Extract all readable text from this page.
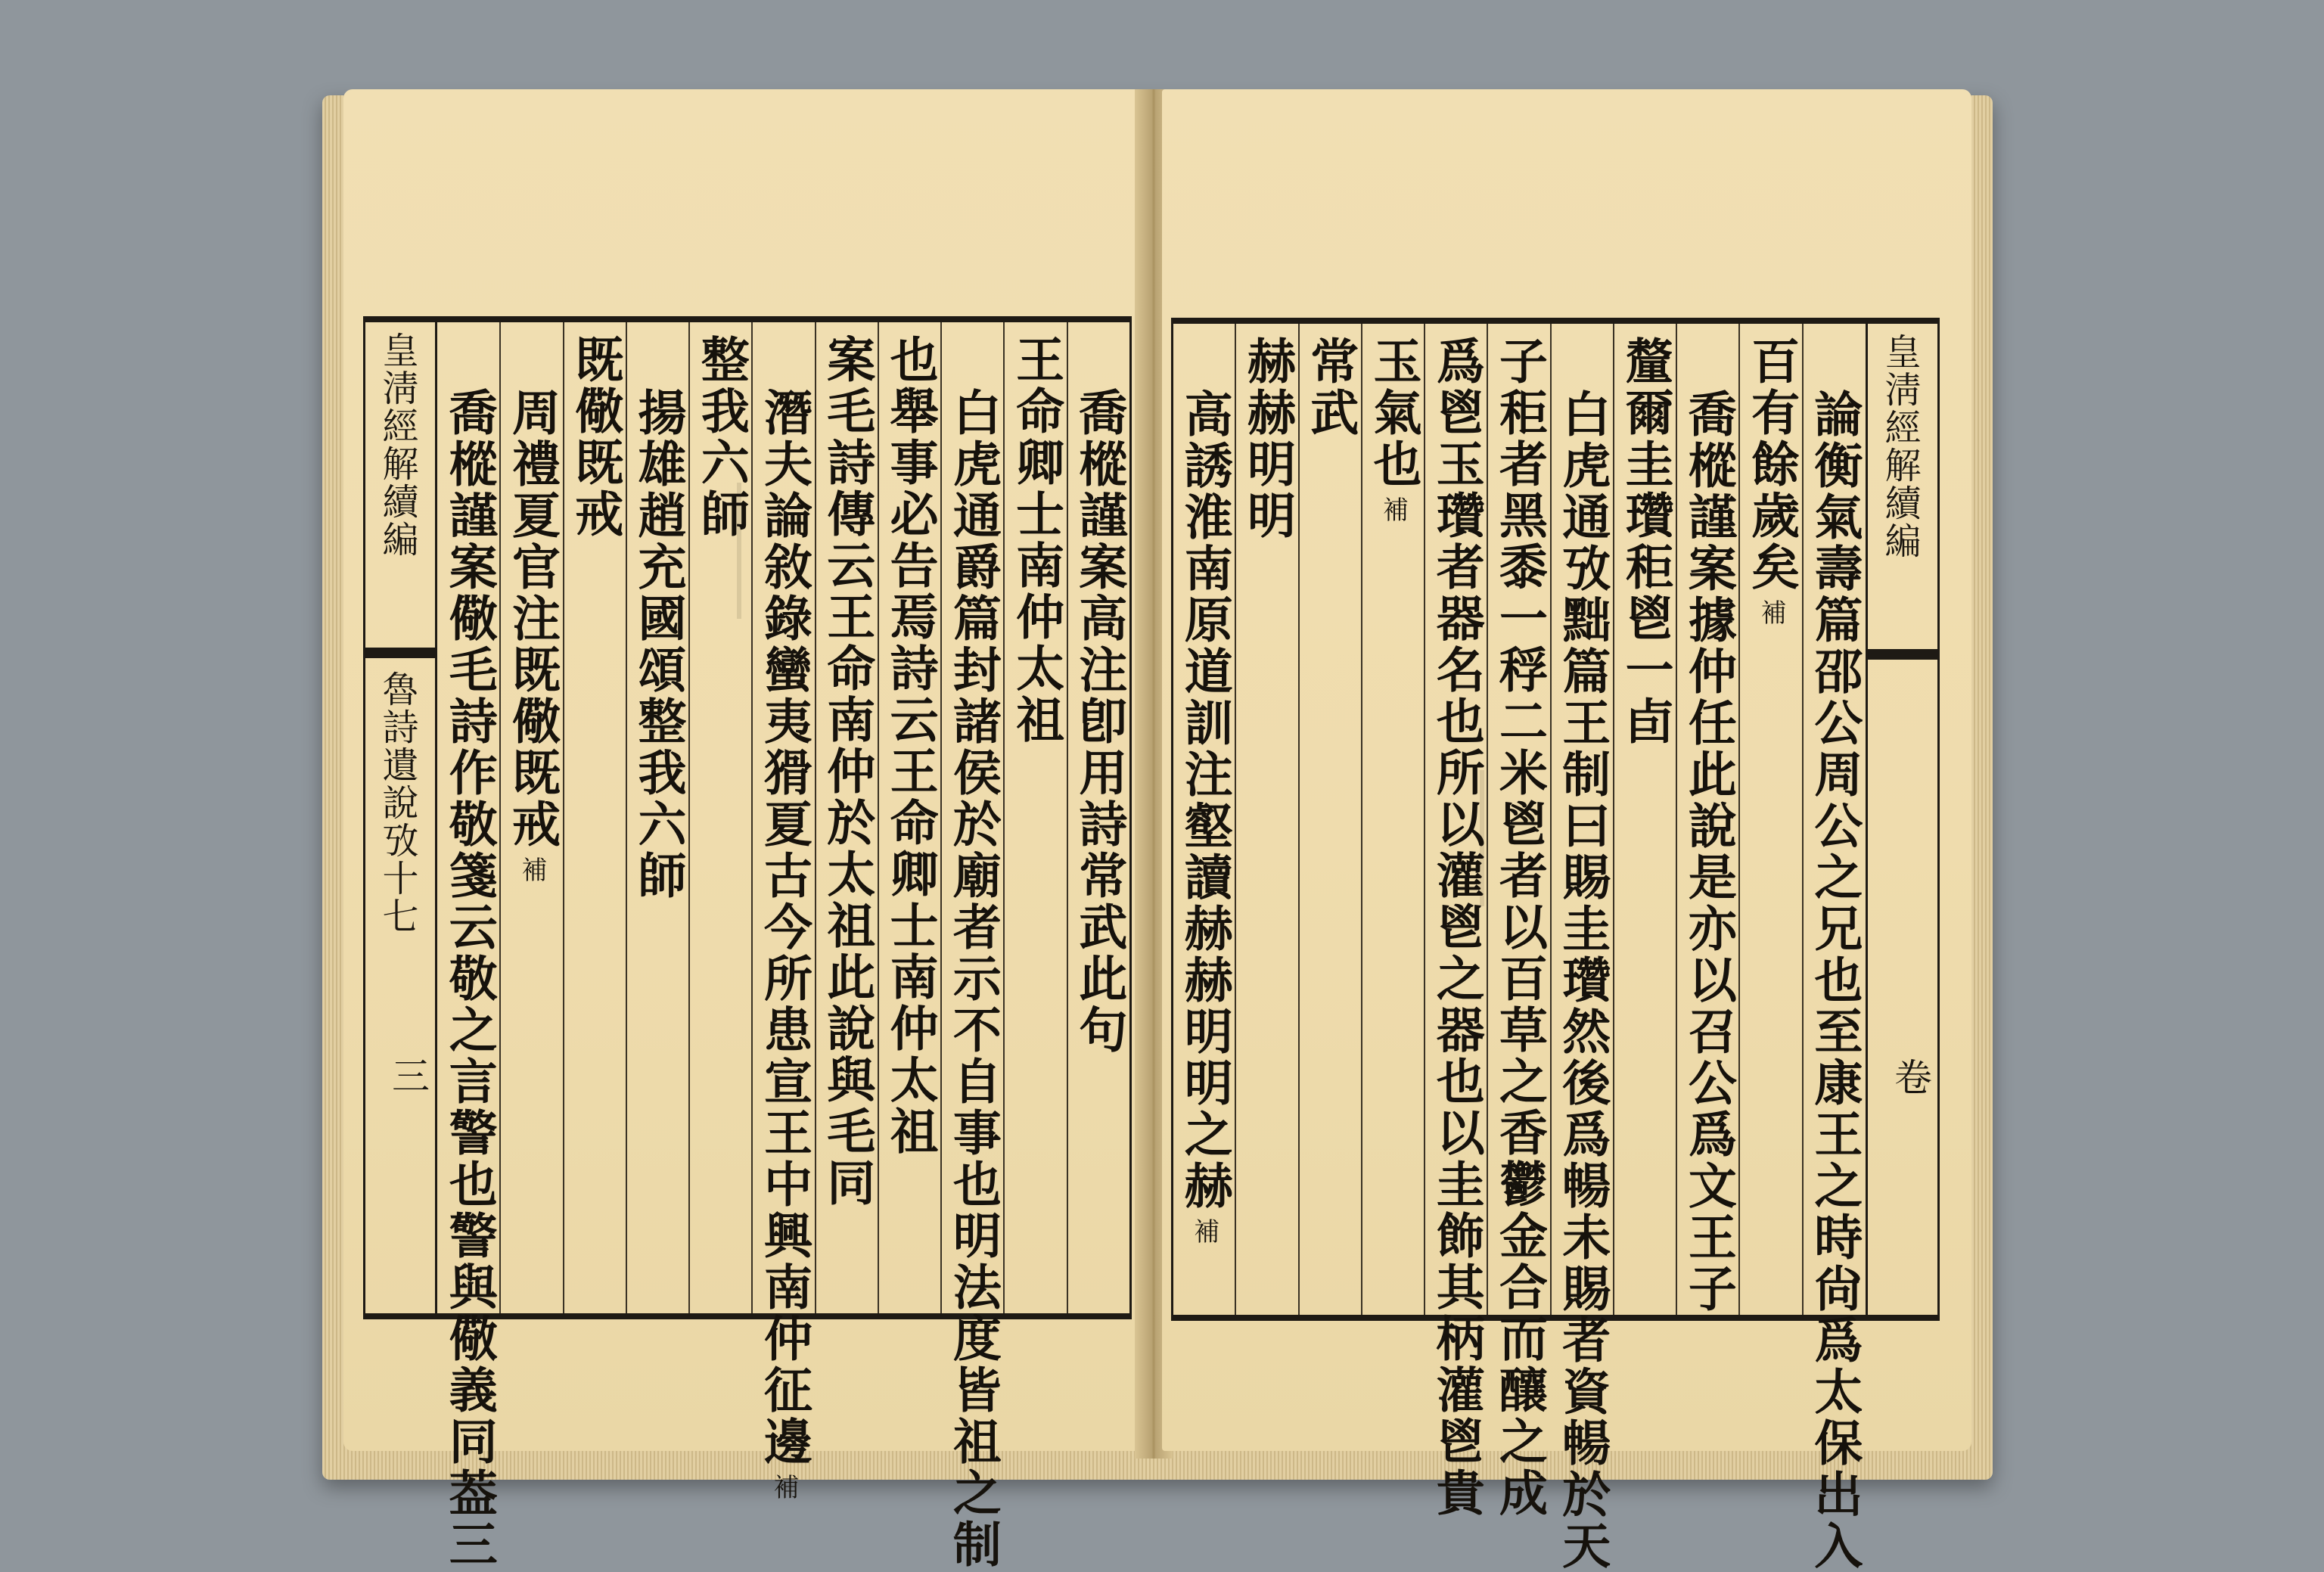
皇淸經解續編
魯詩遺說攷十七
三
喬樅謹案高注卽用詩常武此句
王命卿士南仲太祖
白虎通爵篇封諸侯於廟者示不自事也明法度皆祖之制
也舉事必告焉詩云王命卿士南仲太祖
案毛詩傳云王命南仲於太祖此說與毛同
潛夫論敘錄蠻夷猾夏古今所患宣王中興南仲征邊補
整我六師
揚雄趙充國頌整我六師
既儆既戒
周禮夏官注既儆既戒補
喬樅謹案儆毛詩作敬箋云敬之言警也警與儆義同葢三	皇淸經解續編
卷
論衡氣壽篇邵公周公之兄也至康王之時尙爲太保出入
百有餘歲矣補
喬樅謹案據仲任此說是亦以召公爲文王子
釐爾圭瓚秬鬯一卣
白虎通攷黜篇王制曰賜圭瓚然後爲暢未賜者資暢於天
子秬者黑黍一稃二米鬯者以百草之香鬱金合而釀之成
爲鬯玉瓚者器名也所以灌鬯之器也以圭飾其柄灌鬯貴
玉氣也補
常武
赫赫明明
高誘淮南原道訓注壑讀赫赫明明之赫補
